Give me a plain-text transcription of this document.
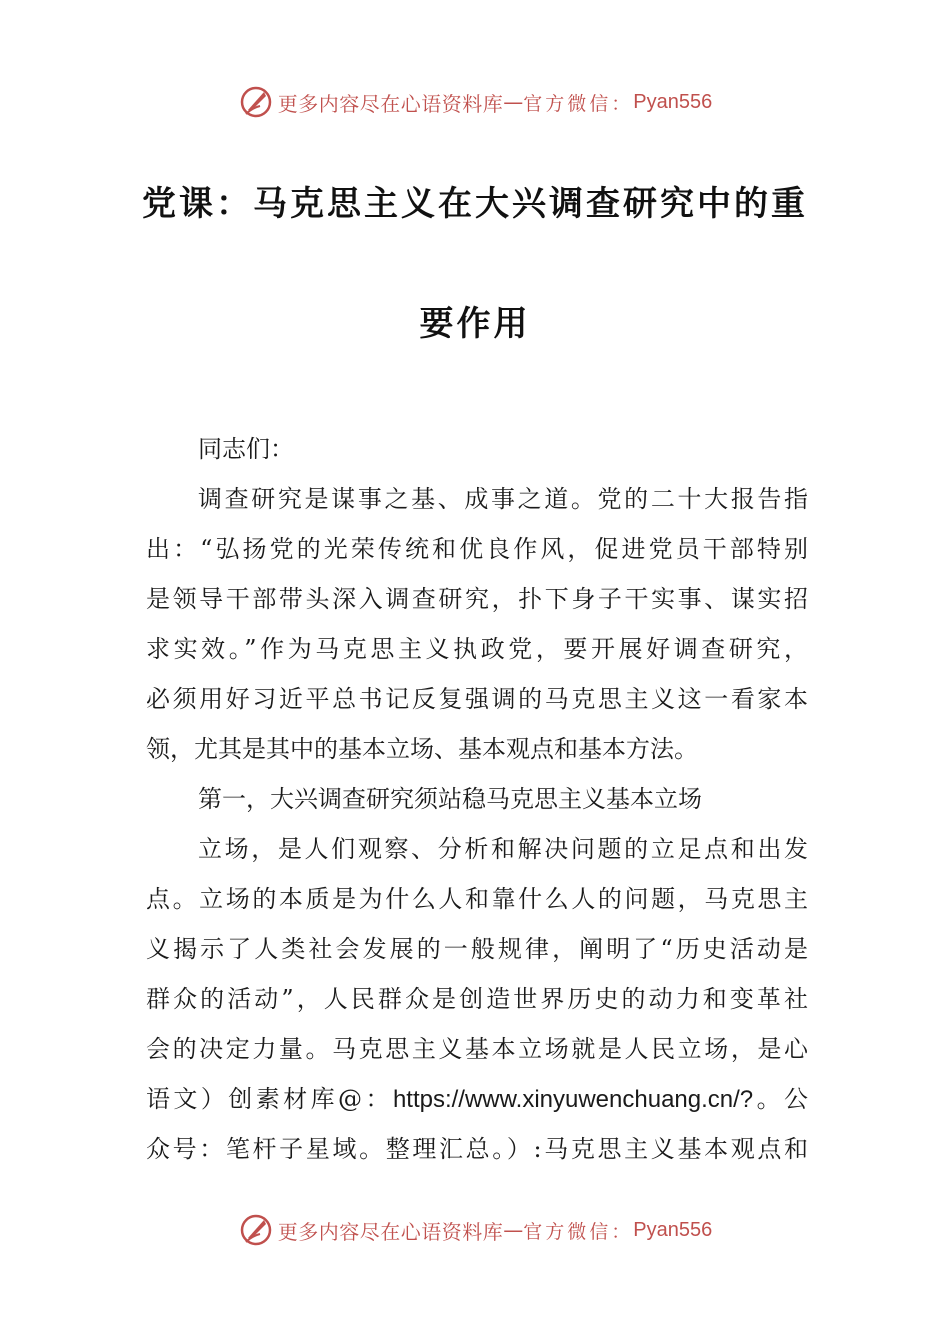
更多内容尽在心语资料库 — 官方微信： Pyan556
党课：马克思主义在大兴调查研究中的重
要作用
同志们：
调查研究是谋事之基、成事之道。党的二十大报告指
出：“弘扬党的光荣传统和优良作风，促进党员干部特别
是领导干部带头深入调查研究，扑下身子干实事、谋实招
求实效。”作为马克思主义执政党，要开展好调查研究，
必须用好习近平总书记反复强调的马克思主义这一看家本
领，尤其是其中的基本立场、基本观点和基本方法。
第一，大兴调查研究须站稳马克思主义基本立场
立场，是人们观察、分析和解决问题的立足点和出发
点。立场的本质是为什么人和靠什么人的问题，马克思主
义揭示了人类社会发展的一般规律，阐明了“历史活动是
群众的活动”，人民群众是创造世界历史的动力和变革社
会的决定力量。马克思主义基本立场就是人民立场，是心
语文）创素材库@：https://www.xinyuwenchuang.cn/?。公
众号：笔杆子星域。整理汇总。）:马克思主义基本观点和
更多内容尽在心语资料库 — 官方微信： Pyan556
